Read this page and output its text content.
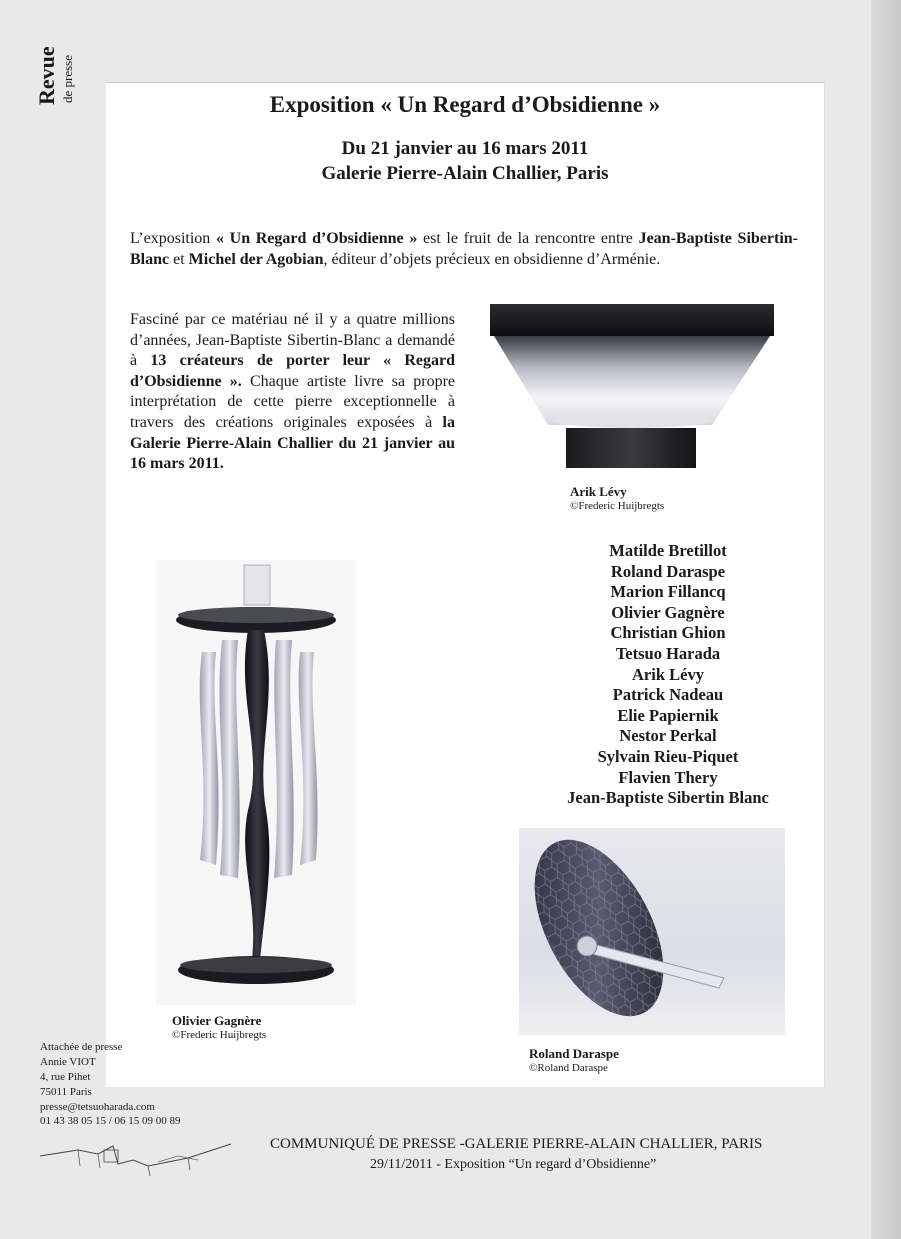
Revue de presse
Exposition « Un Regard d’Obsidienne »
Du 21 janvier au 16 mars 2011
Galerie Pierre-Alain Challier, Paris
L’exposition « Un Regard d’Obsidienne » est le fruit de la rencontre entre Jean-Baptiste Sibertin-Blanc et Michel der Agobian, éditeur d’objets précieux en obsidienne d’Arménie.
Fasciné par ce matériau né il y a quatre millions d’années, Jean-Baptiste Sibertin-Blanc a demandé à 13 créateurs de porter leur « Regard d’Obsidienne ». Chaque artiste livre sa propre interprétation de cette pierre exceptionnelle à travers des créations originales exposées à la Galerie Pierre-Alain Challier du 21 janvier au 16 mars 2011.
Arik Lévy
©Frederic Huijbregts
Olivier Gagnère
©Frederic Huijbregts
Matilde Bretillot
Roland Daraspe
Marion Fillancq
Olivier Gagnère
Christian Ghion
Tetsuo Harada
Arik Lévy
Patrick Nadeau
Elie Papiernik
Nestor Perkal
Sylvain Rieu-Piquet
Flavien Thery
Jean-Baptiste Sibertin Blanc
Roland Daraspe
©Roland Daraspe
Attachée de presse
Annie VIOT
4, rue Pihet
75011 Paris
presse@tetsuoharada.com
01 43 38 05 15 / 06 15 09 00 89
COMMUNIQUÉ DE PRESSE -GALERIE PIERRE-ALAIN CHALLIER, PARIS
29/11/2011 - Exposition “Un regard d’Obsidienne”
